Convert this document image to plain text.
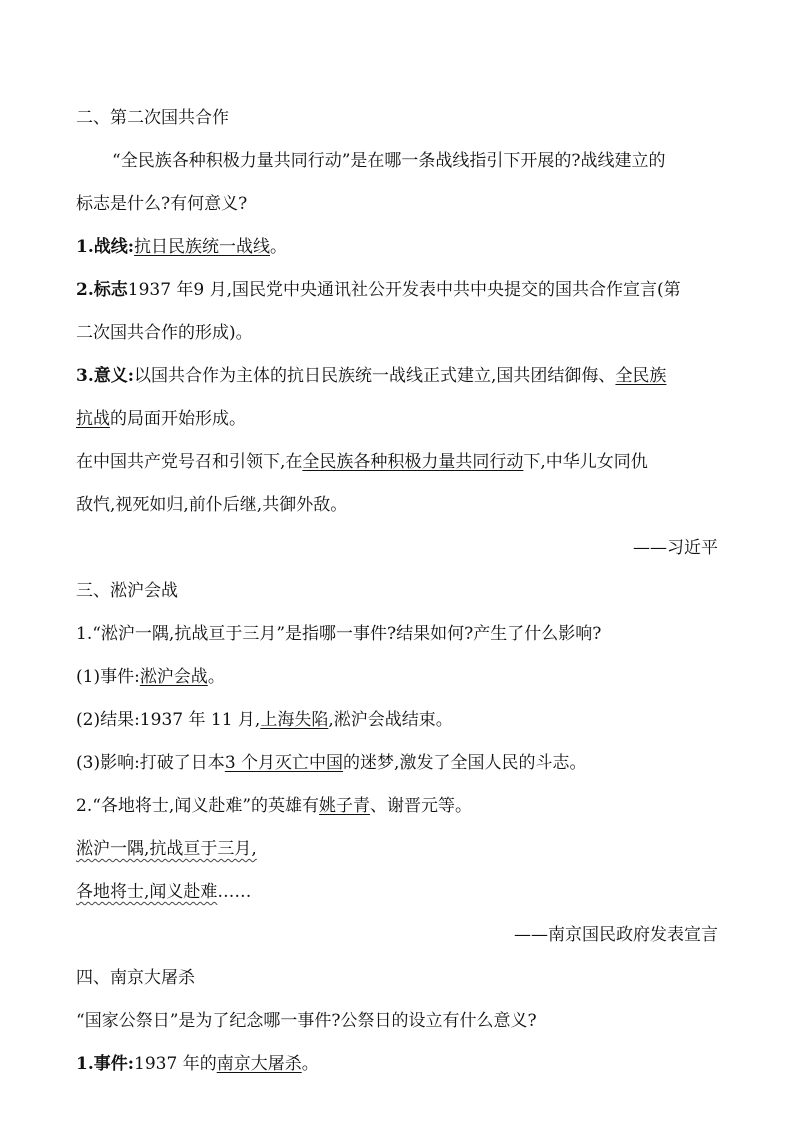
二、第二次国共合作
“全民族各种积极力量共同行动”是在哪一条战线指引下开展的?战线建立的
标志是什么?有何意义?
1.战线:抗日民族统一战线。
2.标志1937 年9 月,国民党中央通讯社公开发表中共中央提交的国共合作宣言(第
二次国共合作的形成)。
3.意义:以国共合作为主体的抗日民族统一战线正式建立,国共团结御侮、全民族
抗战的局面开始形成。
在中国共产党号召和引领下,在全民族各种积极力量共同行动下,中华儿女同仇
敌忾,视死如归,前仆后继,共御外敌。
——习近平
三、淞沪会战
1.“淞沪一隅,抗战亘于三月”是指哪一事件?结果如何?产生了什么影响?
(1)事件:淞沪会战。
(2)结果:1937 年 11 月,上海失陷,淞沪会战结束。
(3)影响:打破了日本3 个月灭亡中国的迷梦,激发了全国人民的斗志。
2.“各地将士,闻义赴难”的英雄有姚子青、谢晋元等。
淞沪一隅,抗战亘于三月,
各地将士,闻义赴难……
——南京国民政府发表宣言
四、南京大屠杀
“国家公祭日”是为了纪念哪一事件?公祭日的设立有什么意义?
1.事件:1937 年的南京大屠杀。
